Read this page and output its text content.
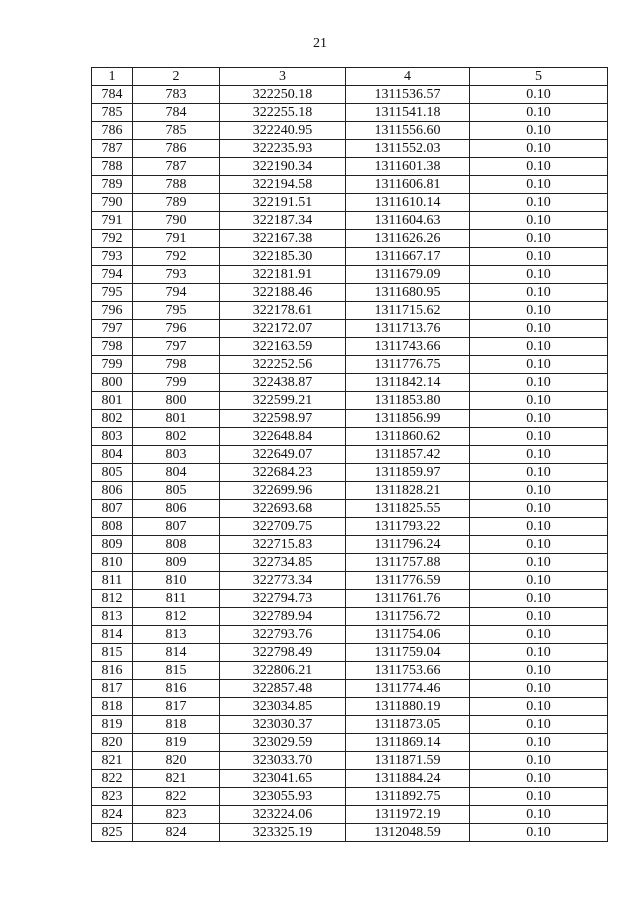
21
1	2	3	4	5
784	783	322250.18	1311536.57	0.10
785	784	322255.18	1311541.18	0.10
786	785	322240.95	1311556.60	0.10
787	786	322235.93	1311552.03	0.10
788	787	322190.34	1311601.38	0.10
789	788	322194.58	1311606.81	0.10
790	789	322191.51	1311610.14	0.10
791	790	322187.34	1311604.63	0.10
792	791	322167.38	1311626.26	0.10
793	792	322185.30	1311667.17	0.10
794	793	322181.91	1311679.09	0.10
795	794	322188.46	1311680.95	0.10
796	795	322178.61	1311715.62	0.10
797	796	322172.07	1311713.76	0.10
798	797	322163.59	1311743.66	0.10
799	798	322252.56	1311776.75	0.10
800	799	322438.87	1311842.14	0.10
801	800	322599.21	1311853.80	0.10
802	801	322598.97	1311856.99	0.10
803	802	322648.84	1311860.62	0.10
804	803	322649.07	1311857.42	0.10
805	804	322684.23	1311859.97	0.10
806	805	322699.96	1311828.21	0.10
807	806	322693.68	1311825.55	0.10
808	807	322709.75	1311793.22	0.10
809	808	322715.83	1311796.24	0.10
810	809	322734.85	1311757.88	0.10
811	810	322773.34	1311776.59	0.10
812	811	322794.73	1311761.76	0.10
813	812	322789.94	1311756.72	0.10
814	813	322793.76	1311754.06	0.10
815	814	322798.49	1311759.04	0.10
816	815	322806.21	1311753.66	0.10
817	816	322857.48	1311774.46	0.10
818	817	323034.85	1311880.19	0.10
819	818	323030.37	1311873.05	0.10
820	819	323029.59	1311869.14	0.10
821	820	323033.70	1311871.59	0.10
822	821	323041.65	1311884.24	0.10
823	822	323055.93	1311892.75	0.10
824	823	323224.06	1311972.19	0.10
825	824	323325.19	1312048.59	0.10
